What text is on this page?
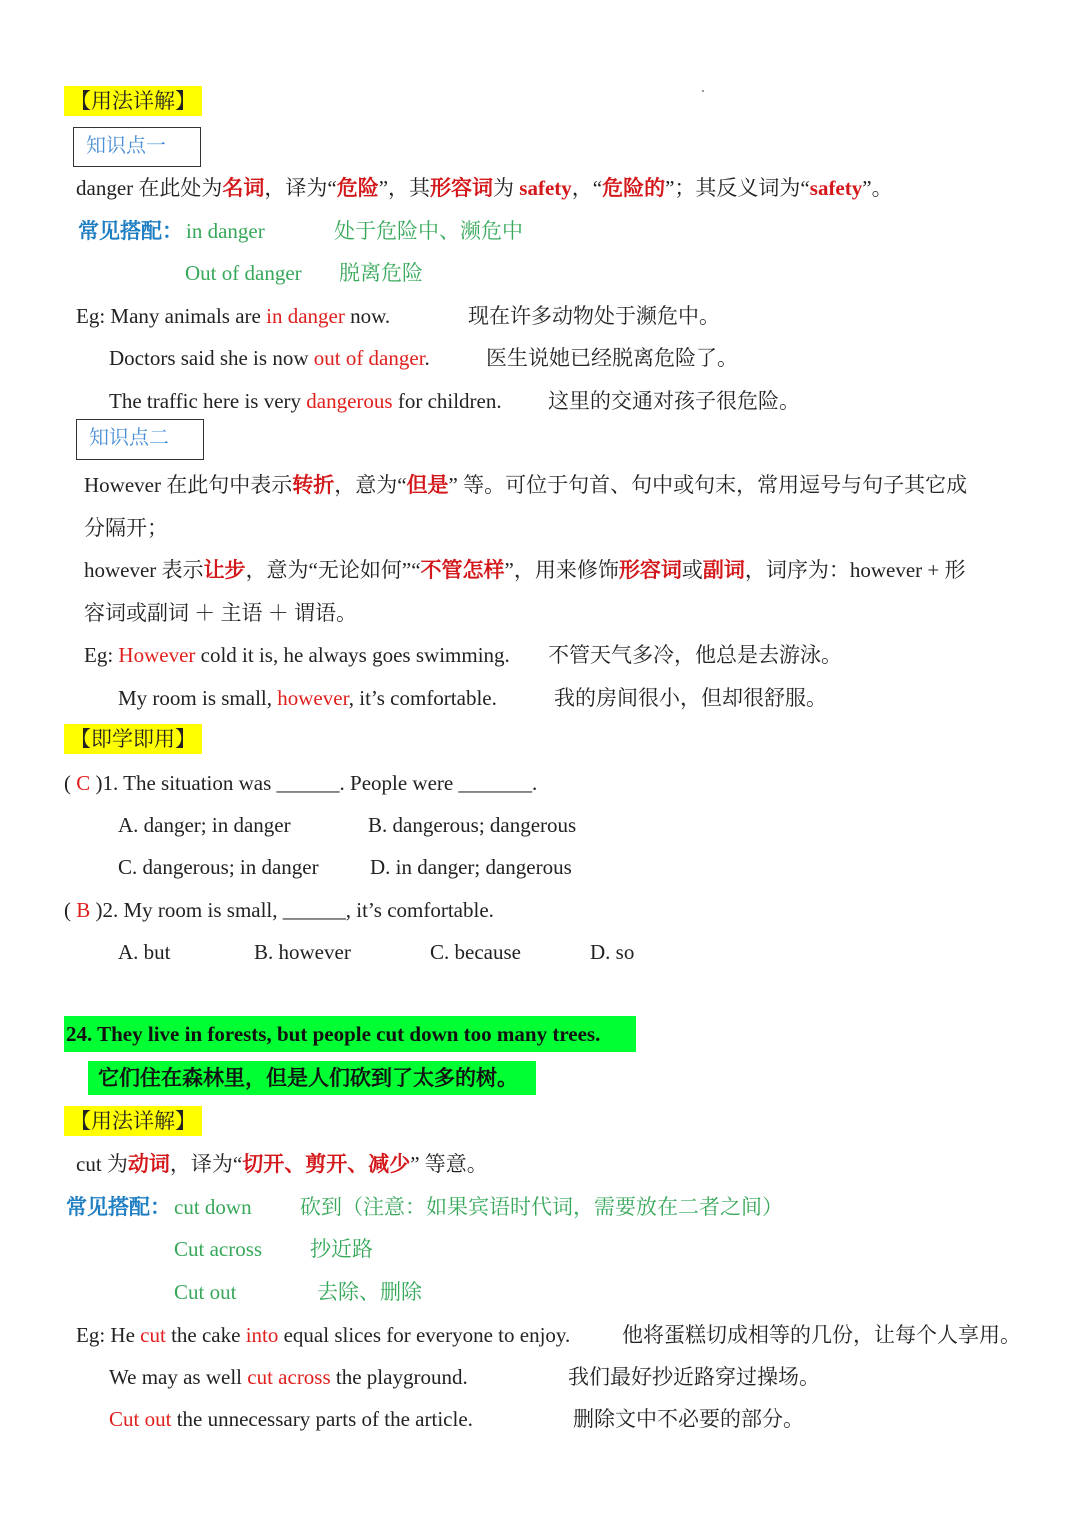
【用法详解】
知识点一
danger 在此处为名词，译为“危险”，其形容词为 safety，“危险的”；其反义词为“safety”。
常见搭配： in danger	处于危险中、濒危中
Out of danger 脱离危险
Eg: Many animals are in danger now.	现在许多动物处于濒危中。
Doctors said she is now out of danger.	医生说她已经脱离危险了。
The traffic here is very dangerous for children. 这里的交通对孩子很危险。
知识点二
However 在此句中表示转折，意为“但是” 等。可位于句首、句中或句末，常用逗号与句子其它成
分隔开；
however 表示让步，意为“无论如何”“不管怎样”，用来修饰形容词或副词，词序为：however + 形
容词或副词 ＋ 主语 ＋ 谓语。
Eg: However cold it is, he always goes swimming. 不管天气多冷，他总是去游泳。
My room is small, however, it’s comfortable.	我的房间很小，但却很舒服。
【即学即用】
( C )1. The situation was ______. People were _______.
A. danger; in danger	B. dangerous; dangerous
C. dangerous; in danger D. in danger; dangerous
( B )2. My room is small, ______, it’s comfortable.
A. but	B. however	C. because	D. so
24. They live in forests, but people cut down too many trees.
它们住在森林里，但是人们砍到了太多的树。
【用法详解】
cut 为动词，译为“切开、剪开、减少” 等意。
常见搭配： cut down 砍到（注意：如果宾语时代词，需要放在二者之间）
Cut across 抄近路
Cut out	去除、删除
Eg: He cut the cake into equal slices for everyone to enjoy. 他将蛋糕切成相等的几份，让每个人享用。
We may as well cut across the playground.	我们最好抄近路穿过操场。
Cut out the unnecessary parts of the article.	删除文中不必要的部分。
